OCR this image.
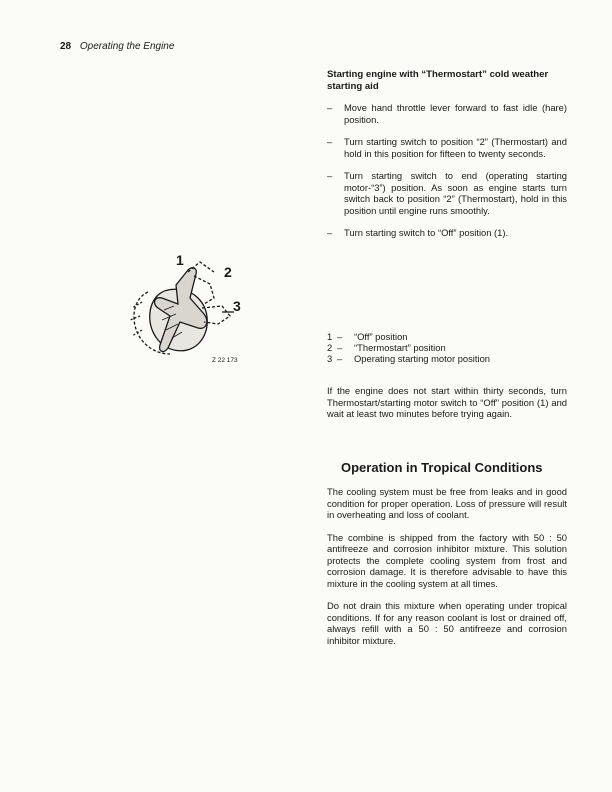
28 Operating the Engine

Starting engine with “Thermostart” cold weather starting aid

– Move hand throttle lever forward to fast idle (hare) position.
– Turn starting switch to position “2” (Thermostart) and hold in this position for fifteen to twenty seconds.
– Turn starting switch to end (operating starting motor-“3”) position. As soon as engine starts turn switch back to position “2” (Thermostart), hold in this position until engine runs smoothly.
– Turn starting switch to “Off” position (1).
1
2
3
Z 22 173
1 –	“Off” position
2 –	“Thermostart” position
3 –	Operating starting motor position

If the engine does not start within thirty seconds, turn Thermostart/starting motor switch to “Off” position (1) and wait at least two minutes before trying again.

Operation in Tropical Conditions

The cooling system must be free from leaks and in good condition for proper operation. Loss of pressure will result in overheating and loss of coolant.

The combine is shipped from the factory with 50 : 50 antifreeze and corrosion inhibitor mixture. This solution protects the complete cooling system from frost and corrosion damage. It is therefore advisable to have this mixture in the cooling system at all times.

Do not drain this mixture when operating under tropical conditions. If for any reason coolant is lost or drained off, always refill with a 50 : 50 antifreeze and corrosion inhibitor mixture.
